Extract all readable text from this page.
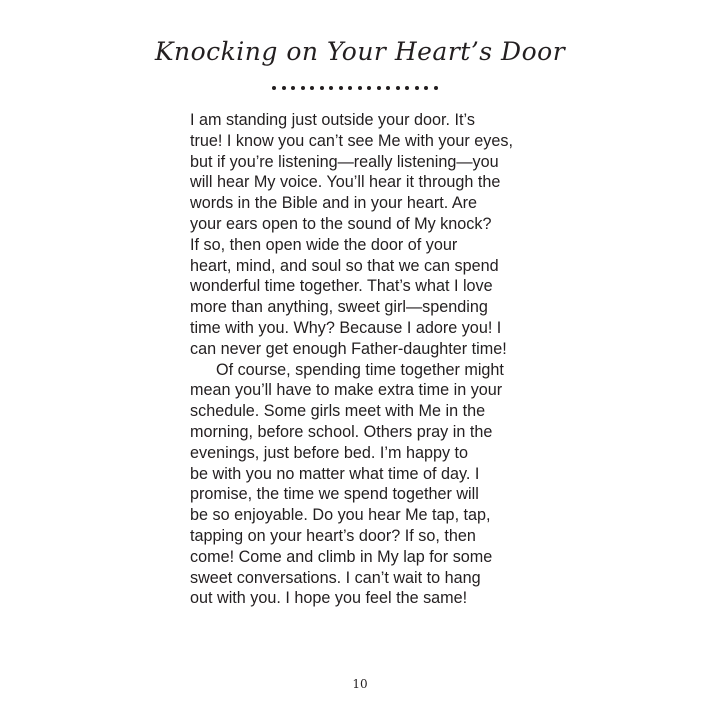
Knocking on Your Heart’s Door
I am standing just outside your door. It’s
true! I know you can’t see Me with your eyes,
but if you’re listening—really listening—you
will hear My voice. You’ll hear it through the
words in the Bible and in your heart. Are
your ears open to the sound of My knock?
If so, then open wide the door of your
heart, mind, and soul so that we can spend
wonderful time together. That’s what I love
more than anything, sweet girl—spending
time with you. Why? Because I adore you! I
can never get enough Father-daughter time!
Of course, spending time together might
mean you’ll have to make extra time in your
schedule. Some girls meet with Me in the
morning, before school. Others pray in the
evenings, just before bed. I’m happy to
be with you no matter what time of day. I
promise, the time we spend together will
be so enjoyable. Do you hear Me tap, tap,
tapping on your heart’s door? If so, then
come! Come and climb in My lap for some
sweet conversations. I can’t wait to hang
out with you. I hope you feel the same!
10
